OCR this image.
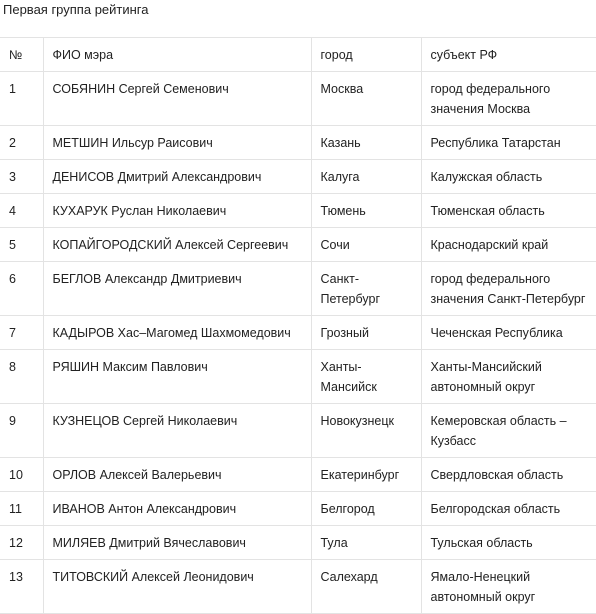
Первая группа рейтинга
№	ФИО мэра	город	субъект РФ
1	СОБЯНИН Сергей Семенович	Москва	город федерального значения Москва
2	МЕТШИН Ильсур Раисович	Казань	Республика Татарстан
3	ДЕНИСОВ Дмитрий Александрович	Калуга	Калужская область
4	КУХАРУК Руслан Николаевич	Тюмень	Тюменская область
5	КОПАЙГОРОДСКИЙ Алексей Сергеевич	Сочи	Краснодарский край
6	БЕГЛОВ Александр Дмитриевич	Санкт-Петербург	город федерального значения Санкт-Петербург
7	КАДЫРОВ Хас–Магомед Шахмомедович	Грозный	Чеченская Республика
8	РЯШИН Максим Павлович	Ханты-Мансийск	Ханты-Мансийский автономный округ
9	КУЗНЕЦОВ Сергей Николаевич	Новокузнецк	Кемеровская область – Кузбасс
10	ОРЛОВ Алексей Валерьевич	Екатеринбург	Свердловская область
11	ИВАНОВ Антон Александрович	Белгород	Белгородская область
12	МИЛЯЕВ Дмитрий Вячеславович	Тула	Тульская область
13	ТИТОВСКИЙ Алексей Леонидович	Салехард	Ямало-Ненецкий автономный округ
